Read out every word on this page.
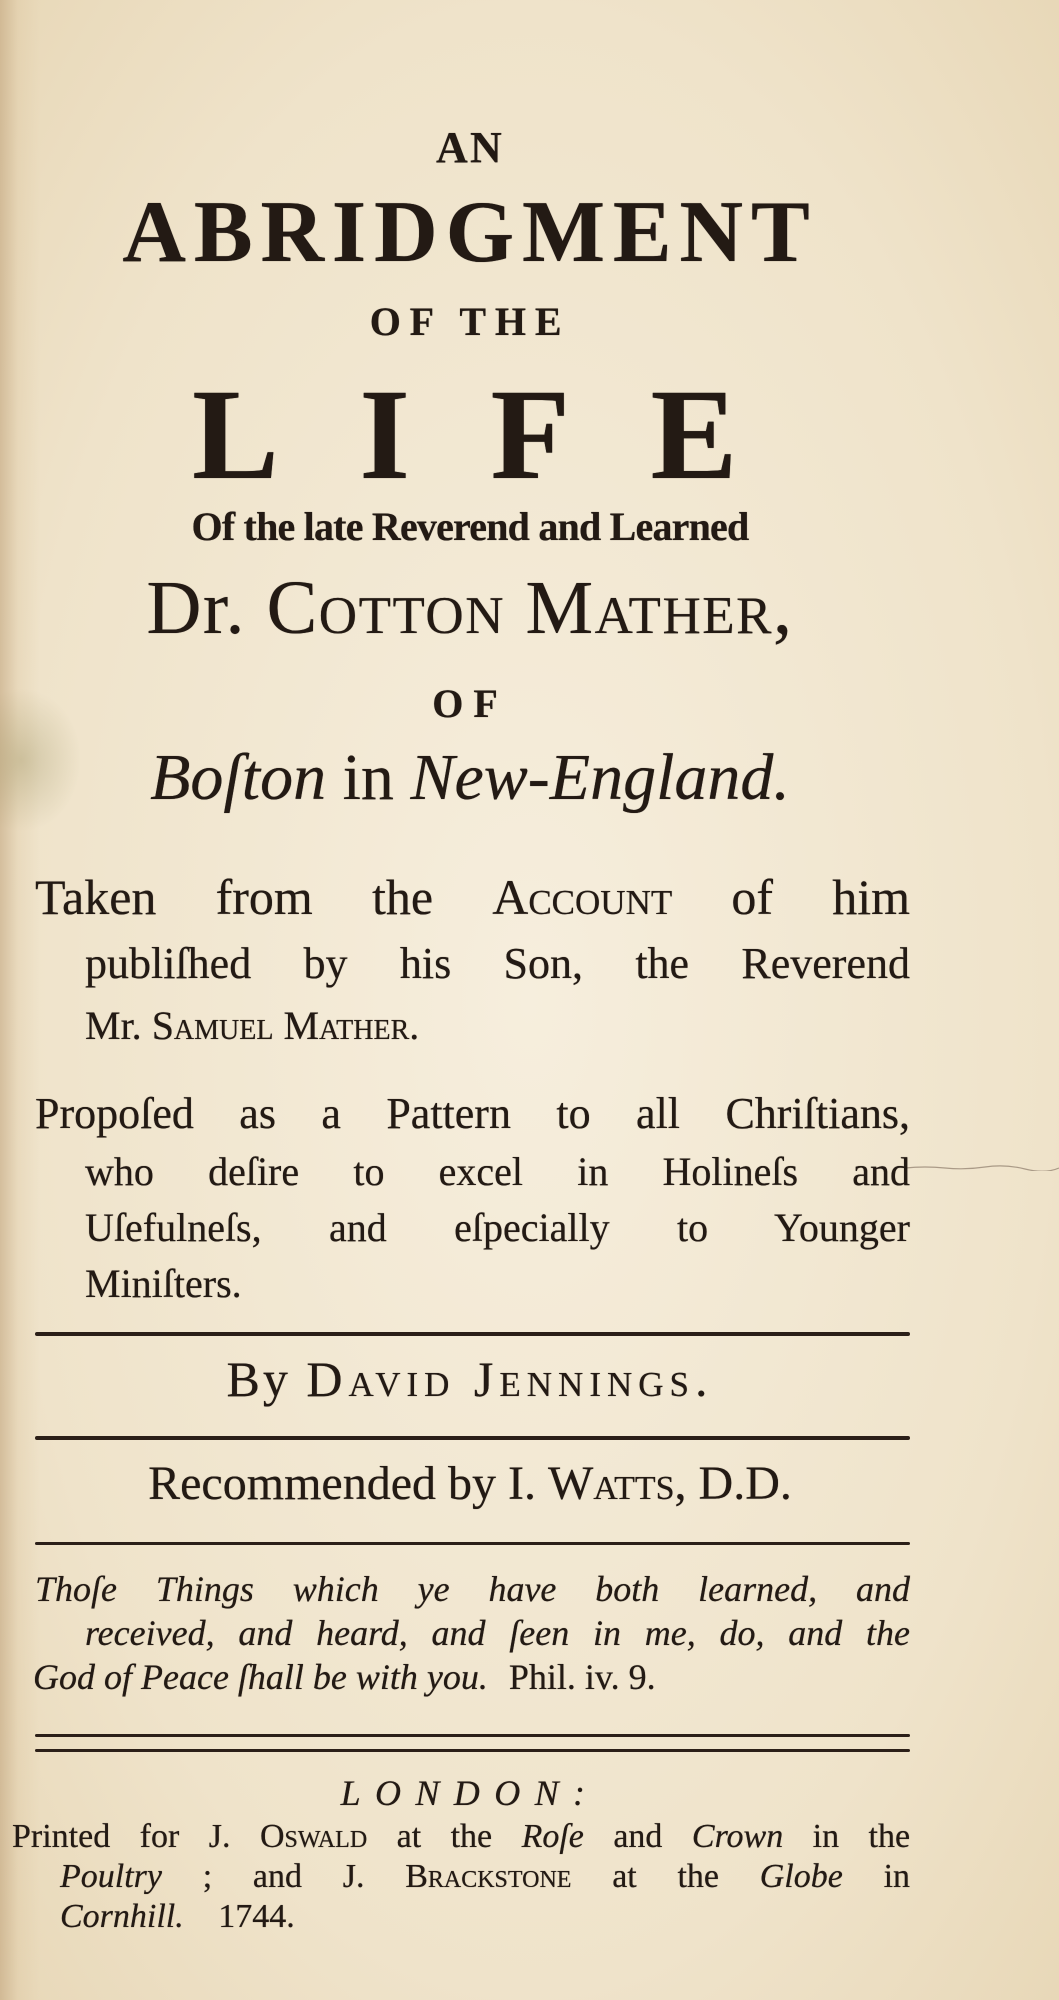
AN
ABRIDGMENT
OF THE
LIFE
Of the late Reverend and Learned
Dr. Cotton Mather,
OF
Boſton in New-England.
Taken from the Account of him
publiſhed by his Son, the Reverend
Mr. Samuel Mather.
Propoſed as a Pattern to all Chriſtians,
who deſire to excel in Holineſs and
Uſefulneſs, and eſpecially to Younger
Miniſters.
By David Jennings.
Recommended by I. Watts, D.D.
Thoſe Things which ye have both learned, and
received, and heard, and ſeen in me, do, and the
God of Peace ſhall be with you. Phil. iv. 9.
LONDON:
Printed for J. Oswald at the Roſe and Crown in the
Poultry ; and J. Brackstone at the Globe in
Cornhill. 1744.
